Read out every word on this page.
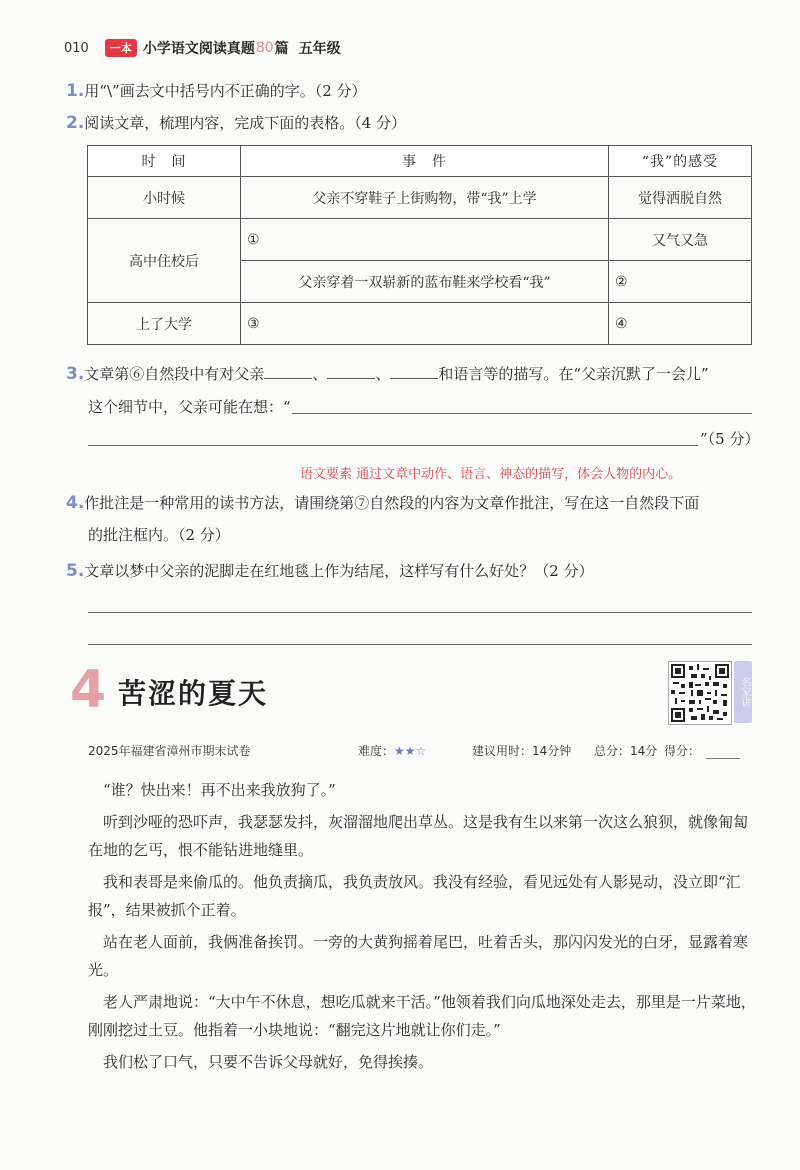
010	一本 小学语文阅读真题 80 篇 五年级
1.用“\”画去文中括号内不正确的字。（2 分）
2.阅读文章，梳理内容，完成下面的表格。（4 分）
时　间	事　件	“我”的感受
小时候	父亲不穿鞋子上街购物，带“我”上学	觉得洒脱自然
高中住校后	①	又气又急
	父亲穿着一双崭新的蓝布鞋来学校看“我”	②
上了大学	③	④
3.文章第⑥自然段中有对父亲	、	、	和语言等的描写。在“父亲沉默了一会儿”
这个细节中，父亲可能在想：“
”（5 分）
语文要素 通过文章中动作、语言、神态的描写，体会人物的内心。
4.作批注是一种常用的读书方法，请围绕第⑦自然段的内容为文章作批注，写在这一自然段下面
的批注框内。（2 分）
5.文章以梦中父亲的泥脚走在红地毯上作为结尾，这样写有什么好处？（2 分）
4 苦涩的夏天	名家讲
2025年福建省漳州市期末试卷	难度：★★☆	建议用时：14分钟 总分：14分 得分：

“谁？快出来！再不出来我放狗了。”

听到沙哑的恐吓声，我瑟瑟发抖，灰溜溜地爬出草丛。这是我有生以来第一次这么狼狈，就像匍匐在地的乞丐，恨不能钻进地缝里。

我和表哥是来偷瓜的。他负责摘瓜，我负责放风。我没有经验，看见远处有人影晃动，没立即“汇报”，结果被抓个正着。

站在老人面前，我俩准备挨罚。一旁的大黄狗摇着尾巴，吐着舌头，那闪闪发光的白牙，显露着寒光。

老人严肃地说：“大中午不休息，想吃瓜就来干活。”他领着我们向瓜地深处走去，那里是一片菜地，刚刚挖过土豆。他指着一小块地说：“翻完这片地就让你们走。”

我们松了口气，只要不告诉父母就好，免得挨揍。
